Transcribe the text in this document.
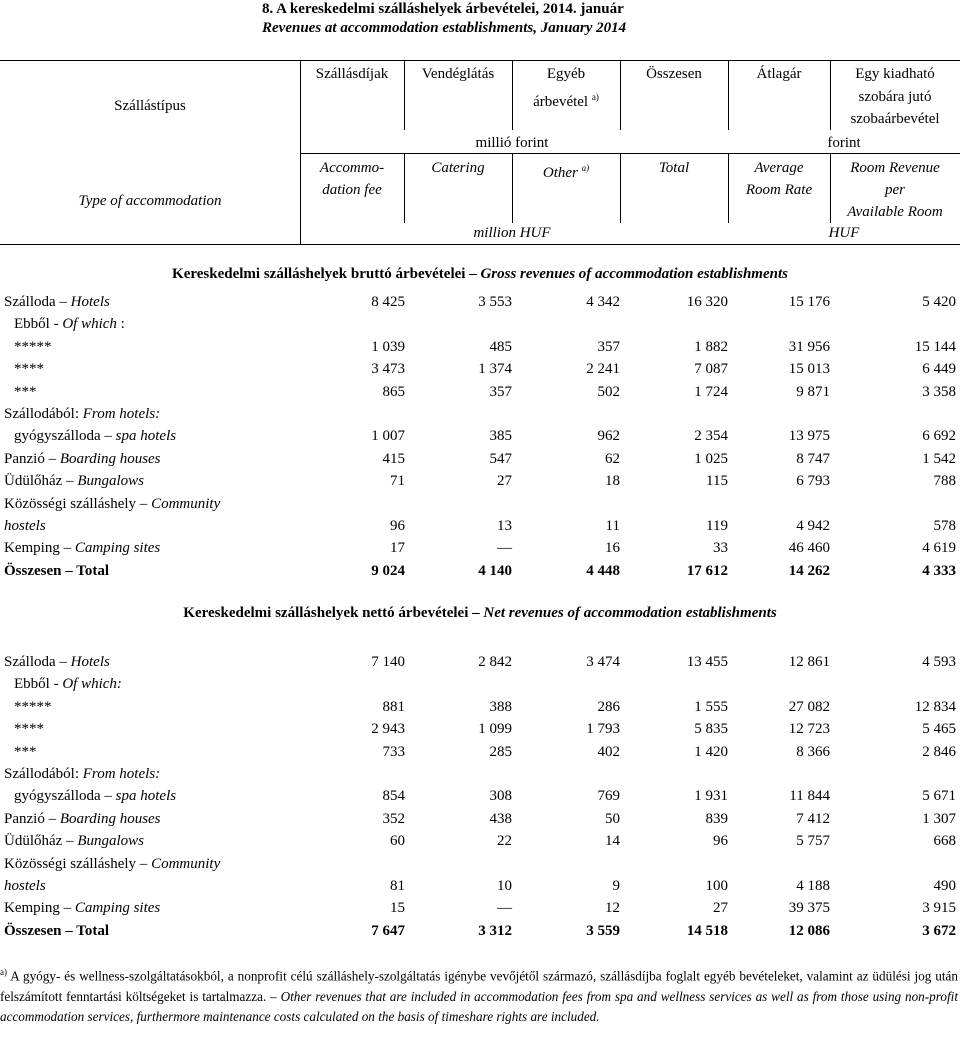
8. A kereskedelmi szálláshelyek árbevételei, 2014. január
Revenues at accommodation establishments, January 2014
Szállástípus
Type of accommodation
Szállásdíjak	Vendéglátás	Egyéb
árbevétel $^{a)}$
Összesen	Átlagár	Egy kiadható
szobára jutó
szobaárbevétel
millió forint	forint
Accommo-
dation fee
Catering	Other $^{a)}$	Total	Average
Room Rate
Room Revenue
per
Available Room
million HUF	HUF
Kereskedelmi szálláshelyek bruttó árbevételei – Gross revenues of accommodation establishments
Szálloda – Hotels	8 425	3 553	4 342	16 320	15 176	5 420
Ebből - Of which :
*****	1 039	485	357	1 882	31 956	15 144
****	3 473	1 374	2 241	7 087	15 013	6 449
***	865	357	502	1 724	9 871	3 358
Szállodából: From hotels:
gyógyszálloda – spa hotels	1 007	385	962	2 354	13 975	6 692
Panzió – Boarding houses	415	547	62	1 025	8 747	1 542
Üdülőház – Bungalows	71	27	18	115	6 793	788
Közösségi szálláshely – Community
hostels	96	13	11	119	4 942	578
Kemping – Camping sites	17	—	16	33	46 460	4 619
Összesen – Total	9 024	4 140	4 448	17 612	14 262	4 333
Kereskedelmi szálláshelyek nettó árbevételei – Net revenues of accommodation establishments
Szálloda – Hotels	7 140	2 842	3 474	13 455	12 861	4 593
Ebből - Of which:
*****	881	388	286	1 555	27 082	12 834
****	2 943	1 099	1 793	5 835	12 723	5 465
***	733	285	402	1 420	8 366	2 846
Szállodából: From hotels:
gyógyszálloda – spa hotels	854	308	769	1 931	11 844	5 671
Panzió – Boarding houses	352	438	50	839	7 412	1 307
Üdülőház – Bungalows	60	22	14	96	5 757	668
Közösségi szálláshely – Community
hostels	81	10	9	100	4 188	490
Kemping – Camping sites	15	—	12	27	39 375	3 915
Összesen – Total	7 647	3 312	3 559	14 518	12 086	3 672
$^{a)}$ A gyógy- és wellness-szolgáltatásokból, a nonprofit célú szálláshely-szolgáltatás igénybe vevőjétől származó, szállásdíjba foglalt egyéb bevételeket, valamint az üdülési jog után felszámított fenntartási költségeket is tartalmazza. – Other revenues that are included in accommodation fees from spa and wellness services as well as from those using non-profit accommodation services, furthermore maintenance costs calculated on the basis of timeshare rights are included.
